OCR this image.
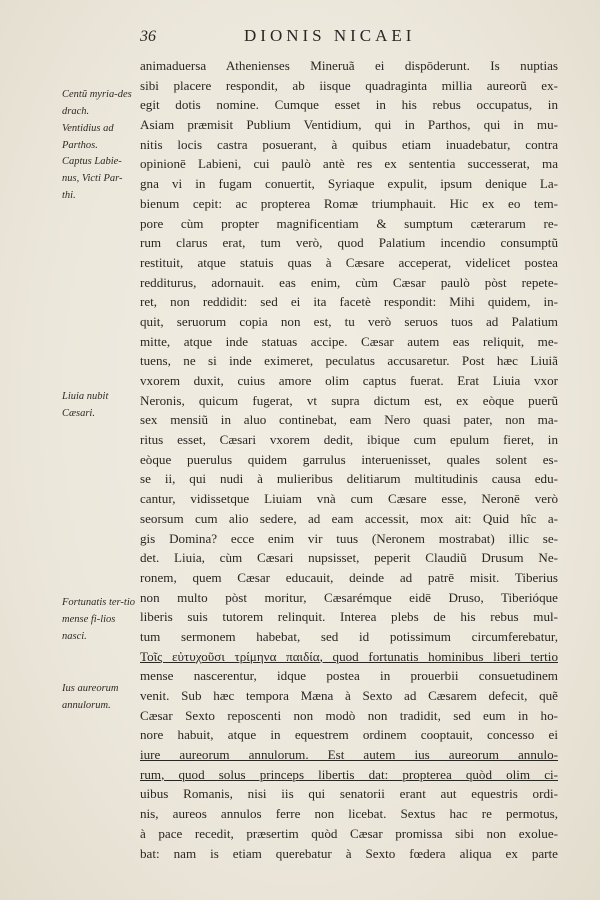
36	DIONIS NICAEI
Centũ myria-des drach.
Ventidius ad Parthos.
Captus Labie-nus, Victi Par-thi.
Liuia nubit Cæsari.
Fortunatis ter-tio mense fi-lios nasci.
Ius aureorum annulorum.
animaduersa Athenienses Mineruã ei dispōderunt. Is nuptias
sibi placere respondit, ab iisque quadraginta millia aureorũ ex-
egit dotis nomine. Cumque esset in his rebus occupatus, in
Asiam præmisit Publium Ventidium, qui in Parthos, qui in mu-
nitis locis castra posuerant, à quibus etiam inuadebatur, contra
opinionē Labieni, cui paulò antè res ex sententia successerat, ma
gna vi in fugam conuertit, Syriaque expulit, ipsum denique La-
bienum cepit: ac propterea Romæ triumphauit. Hic ex eo tem-
pore cùm propter magnificentiam & sumptum cæterarum re-
rum clarus erat, tum verò, quod Palatium incendio consumptũ
restituit, atque statuis quas à Cæsare acceperat, videlicet postea
redditurus, adornauit. eas enim, cùm Cæsar paulò pòst repete-
ret, non reddidit: sed ei ita facetè respondit: Mihi quidem, in-
quit, seruorum copia non est, tu verò seruos tuos ad Palatium
mitte, atque inde statuas accipe. Cæsar autem eas reliquit, me-
tuens, ne si inde eximeret, peculatus accusaretur. Post hæc Liuiã
vxorem duxit, cuius amore olim captus fuerat. Erat Liuia vxor
Neronis, quicum fugerat, vt supra dictum est, ex eòque puerũ
sex mensiũ in aluo continebat, eam Nero quasi pater, non ma-
ritus esset, Cæsari vxorem dedit, ibique cum epulum fieret, in
eòque puerulus quidem garrulus interuenisset, quales solent es-
se ii, qui nudi à mulieribus delitiarum multitudinis causa edu-
cantur, vidissetque Liuiam vnà cum Cæsare esse, Neronē verò
seorsum cum alio sedere, ad eam accessit, mox ait: Quid hîc a-
gis Domina? ecce enim vir tuus (Neronem mostrabat) illic se-
det. Liuia, cùm Cæsari nupsisset, peperit Claudiũ Drusum Ne-
ronem, quem Cæsar educauit, deinde ad patrē misit. Tiberius
non multo pòst moritur, Cæsarémque eidē Druso, Tiberióque
liberis suis tutorem relinquit. Interea plebs de his rebus mul-
tum sermonem habebat, sed id potissimum circumferebatur,
Τοῖς εὐτυχοῦσι τρίμηνα παιδία, quod fortunatis hominibus liberi tertio
mense nascerentur, idque postea in prouerbii consuetudinem
venit. Sub hæc tempora Mæna à Sexto ad Cæsarem defecit, quẽ
Cæsar Sexto reposcenti non modò non tradidit, sed eum in ho-
nore habuit, atque in equestrem ordinem cooptauit, concesso ei
iure aureorum annulorum. Est autem ius aureorum annulo-
rum, quod solus princeps libertis dat: propterea quòd olim ci-
uibus Romanis, nisi iis qui senatorii erant aut equestris ordi-
nis, aureos annulos ferre non licebat. Sextus hac re permotus,
à pace recedit, præsertim quòd Cæsar promissa sibi non exolue-
bat: nam is etiam querebatur à Sexto fœdera aliqua ex parte
